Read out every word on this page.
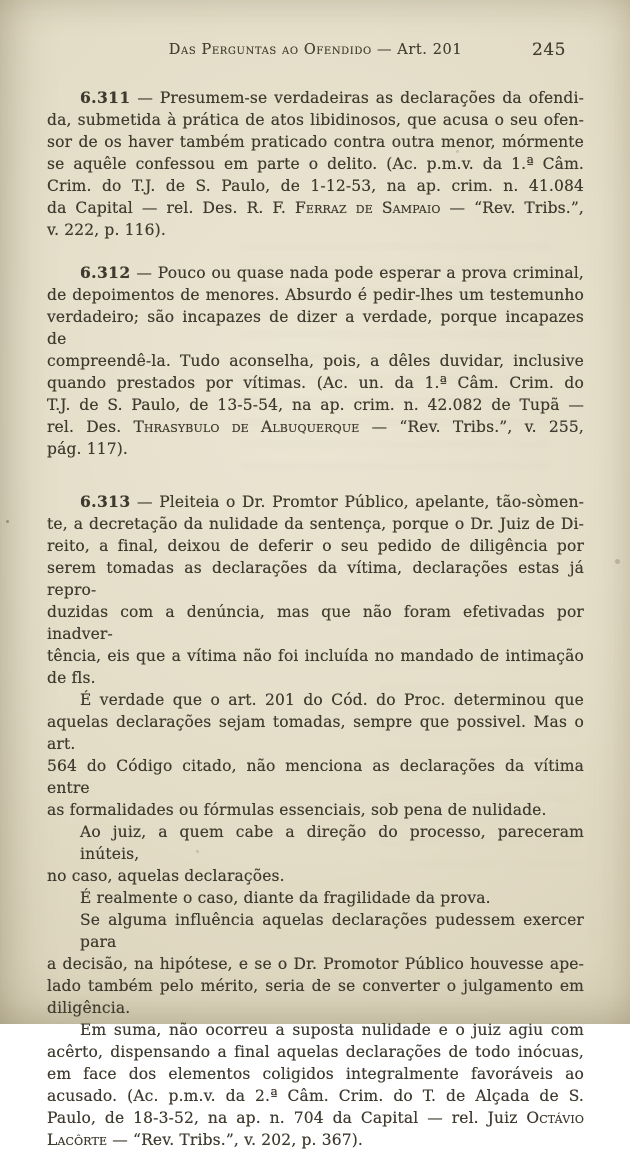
Das Perguntas ao Ofendido — Art. 201	245
6.311 — Presumem-se verdadeiras as declarações da ofendi-
da, submetida à prática de atos libidinosos, que acusa o seu ofen-
sor de os haver também praticado contra outra menor, mórmente
se aquêle confessou em parte o delito. (Ac. p.m.v. da 1.ª Câm.
Crim. do T.J. de S. Paulo, de 1-12-53, na ap. crim. n. 41.084
da Capital — rel. Des. R. F. Ferraz de Sampaio — “Rev. Tribs.”,
v. 222, p. 116).
6.312 — Pouco ou quase nada pode esperar a prova criminal,
de depoimentos de menores. Absurdo é pedir-lhes um testemunho
verdadeiro; são incapazes de dizer a verdade, porque incapazes de
compreendê-la. Tudo aconselha, pois, a dêles duvidar, inclusive
quando prestados por vítimas. (Ac. un. da 1.ª Câm. Crim. do
T.J. de S. Paulo, de 13-5-54, na ap. crim. n. 42.082 de Tupã —
rel. Des. Thrasybulo de Albuquerque — “Rev. Tribs.”, v. 255,
pág. 117).
6.313 — Pleiteia o Dr. Promtor Público, apelante, tão-sòmen-
te, a decretação da nulidade da sentença, porque o Dr. Juiz de Di-
reito, a final, deixou de deferir o seu pedido de diligência por
serem tomadas as declarações da vítima, declarações estas já repro-
duzidas com a denúncia, mas que não foram efetivadas por inadver-
tência, eis que a vítima não foi incluída no mandado de intimação
de fls.
É verdade que o art. 201 do Cód. do Proc. determinou que
aquelas declarações sejam tomadas, sempre que possivel. Mas o art.
564 do Código citado, não menciona as declarações da vítima entre
as formalidades ou fórmulas essenciais, sob pena de nulidade.
Ao juiz, a quem cabe a direção do processo, pareceram inúteis,
no caso, aquelas declarações.
É realmente o caso, diante da fragilidade da prova.
Se alguma influência aquelas declarações pudessem exercer para
a decisão, na hipótese, e se o Dr. Promotor Público houvesse ape-
lado também pelo mérito, seria de se converter o julgamento em
diligência.
Em suma, não ocorreu a suposta nulidade e o juiz agiu com
acêrto, dispensando a final aquelas declarações de todo inócuas,
em face dos elementos coligidos integralmente favoráveis ao
acusado. (Ac. p.m.v. da 2.ª Câm. Crim. do T. de Alçada de S.
Paulo, de 18-3-52, na ap. n. 704 da Capital — rel. Juiz Octávio
Lacôrte — “Rev. Tribs.”, v. 202, p. 367).
